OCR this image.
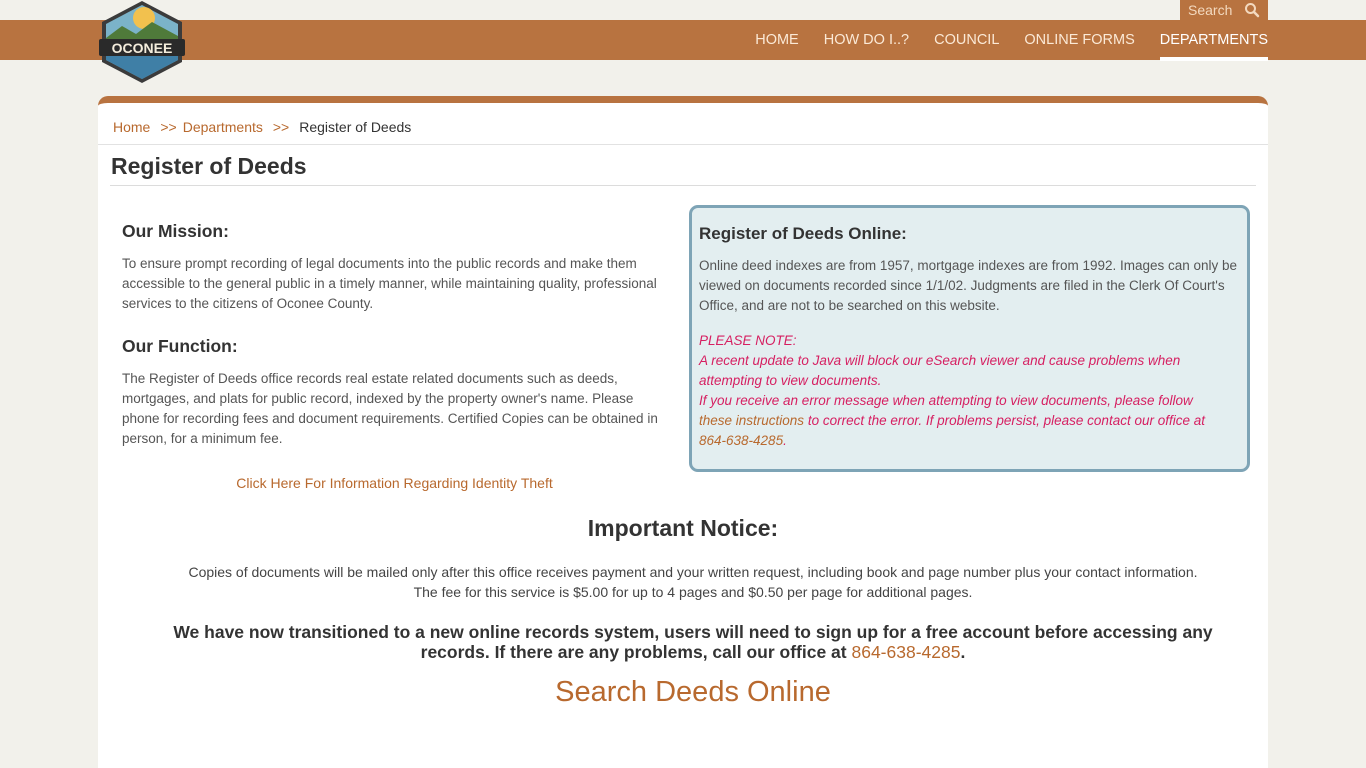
Search
HOME HOW DO I..? COUNCIL ONLINE FORMS DEPARTMENTS
OCONEE
Home >> Departments >> Register of Deeds
Register of Deeds
Our Mission:

To ensure prompt recording of legal documents into the public records and make them accessible to the general public in a timely manner, while maintaining quality, professional services to the citizens of Oconee County.

Our Function:

The Register of Deeds office records real estate related documents such as deeds, mortgages, and plats for public record, indexed by the property owner's name. Please phone for recording fees and document requirements. Certified Copies can be obtained in person, for a minimum fee.

Click Here For Information Regarding Identity Theft
Register of Deeds Online:

Online deed indexes are from 1957, mortgage indexes are from 1992. Images can only be viewed on documents recorded since 1/1/02. Judgments are filed in the Clerk Of Court's Office, and are not to be searched on this website.

PLEASE NOTE:
A recent update to Java will block our eSearch viewer and cause problems when attempting to view documents.
If you receive an error message when attempting to view documents, please follow
these instructions to correct the error. If problems persist, please contact our office at
864-638-4285.
Important Notice:
Copies of documents will be mailed only after this office receives payment and your written request, including book and page number plus your contact information.
The fee for this service is $5.00 for up to 4 pages and $0.50 per page for additional pages.
We have now transitioned to a new online records system, users will need to sign up for a free account before accessing any records. If there are any problems, call our office at 864-638-4285.
Search Deeds Online
